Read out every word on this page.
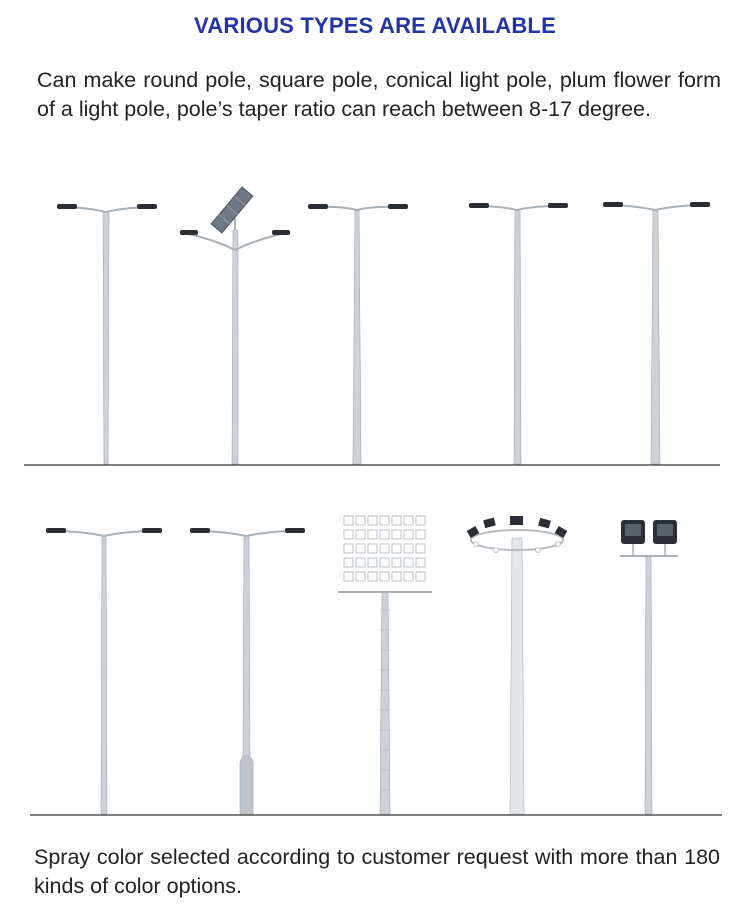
VARIOUS TYPES ARE AVAILABLE
Can make round pole, square pole, conical light pole, plum flower form of a light pole, pole’s taper ratio can reach between 8-17 degree.
Spray color selected according to customer request with more than 180 kinds of color options.
